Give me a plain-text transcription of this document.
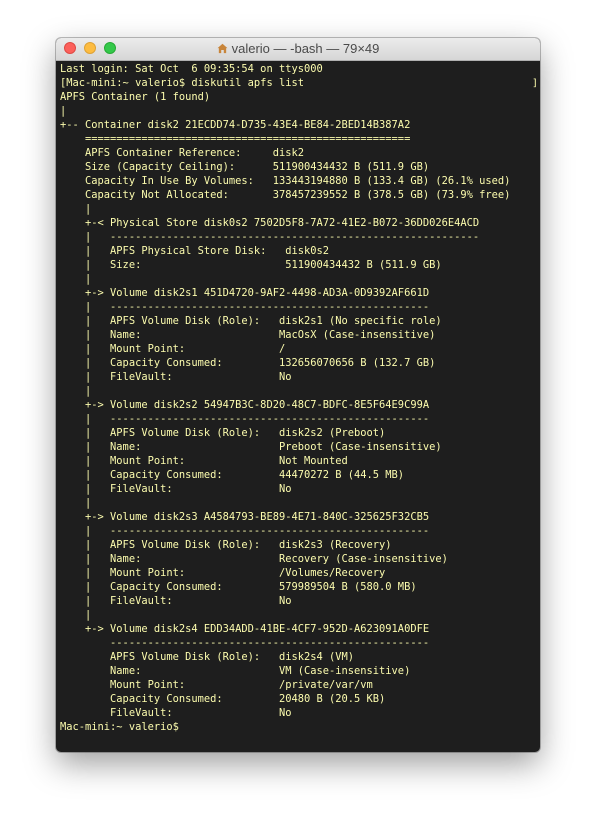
valerio — -bash — 79×49
Last login: Sat Oct  6 09:35:54 on ttys000
[Mac-mini:~ valerio$ diskutil apfs list
APFS Container (1 found)
|
+-- Container disk2 21ECDD74-D735-43E4-BE84-2BED14B387A2
====================================================
APFS Container Reference:     disk2
Size (Capacity Ceiling):      511900434432 B (511.9 GB)
Capacity In Use By Volumes:   133443194880 B (133.4 GB) (26.1% used)
Capacity Not Allocated:       378457239552 B (378.5 GB) (73.9% free)
|
+-< Physical Store disk0s2 7502D5F8-7A72-41E2-B072-36DD026E4ACD
|   -----------------------------------------------------------
|   APFS Physical Store Disk:   disk0s2
|   Size:                       511900434432 B (511.9 GB)
|
+-> Volume disk2s1 451D4720-9AF2-4498-AD3A-0D9392AF661D
|   ---------------------------------------------------
|   APFS Volume Disk (Role):   disk2s1 (No specific role)
|   Name:                      MacOsX (Case-insensitive)
|   Mount Point:               /
|   Capacity Consumed:         132656070656 B (132.7 GB)
|   FileVault:                 No
|
+-> Volume disk2s2 54947B3C-8D20-48C7-BDFC-8E5F64E9C99A
|   ---------------------------------------------------
|   APFS Volume Disk (Role):   disk2s2 (Preboot)
|   Name:                      Preboot (Case-insensitive)
|   Mount Point:               Not Mounted
|   Capacity Consumed:         44470272 B (44.5 MB)
|   FileVault:                 No
|
+-> Volume disk2s3 A4584793-BE89-4E71-840C-325625F32CB5
|   ---------------------------------------------------
|   APFS Volume Disk (Role):   disk2s3 (Recovery)
|   Name:                      Recovery (Case-insensitive)
|   Mount Point:               /Volumes/Recovery
|   Capacity Consumed:         579989504 B (580.0 MB)
|   FileVault:                 No
|
+-> Volume disk2s4 EDD34ADD-41BE-4CF7-952D-A623091A0DFE
---------------------------------------------------
APFS Volume Disk (Role):   disk2s4 (VM)
Name:                      VM (Case-insensitive)
Mount Point:               /private/var/vm
Capacity Consumed:         20480 B (20.5 KB)
FileVault:                 No
Mac-mini:~ valerio$
]
